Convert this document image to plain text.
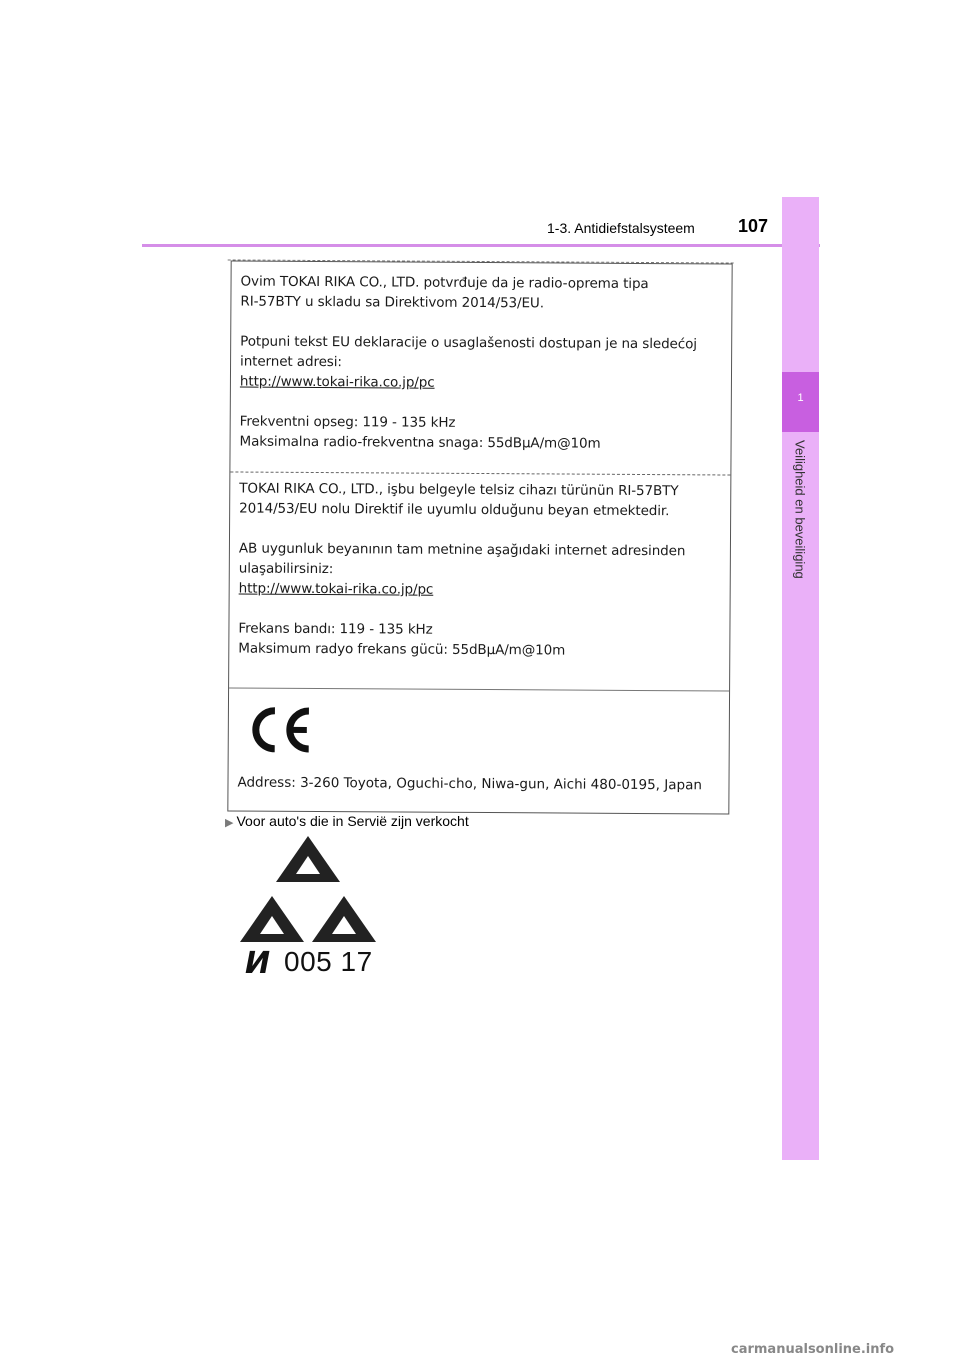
1-3. Antidiefstalsysteem 107
1
Veiligheid en beveiliging

Ovim TOKAI RIKA CO., LTD. potvrđuje da je radio-oprema tipa

RI-57BTY u skladu sa Direktivom 2014/53/EU.

Potpuni tekst EU deklaracije o usaglašenosti dostupan je na sledećoj

internet adresi:

http://www.tokai-rika.co.jp/pc

Frekventni opseg: 119 - 135 kHz

Maksimalna radio-frekventna snaga: 55dBµA/m@10m

TOKAI RIKA CO., LTD., işbu belgeyle telsiz cihazı türünün RI-57BTY

2014/53/EU nolu Direktif ile uyumlu olduğunu beyan etmektedir.

AB uygunluk beyanının tam metnine aşağıdaki internet adresinden

ulaşabilirsiniz:

http://www.tokai-rika.co.jp/pc

Frekans bandı: 119 - 135 kHz

Maksimum radyo frekans gücü: 55dBµA/m@10m

Address: 3-260 Toyota, Oguchi-cho, Niwa-gun, Aichi 480-0195, Japan
▶ Voor auto's die in Servië zijn verkocht
И 005 17
carmanualsonline.info
